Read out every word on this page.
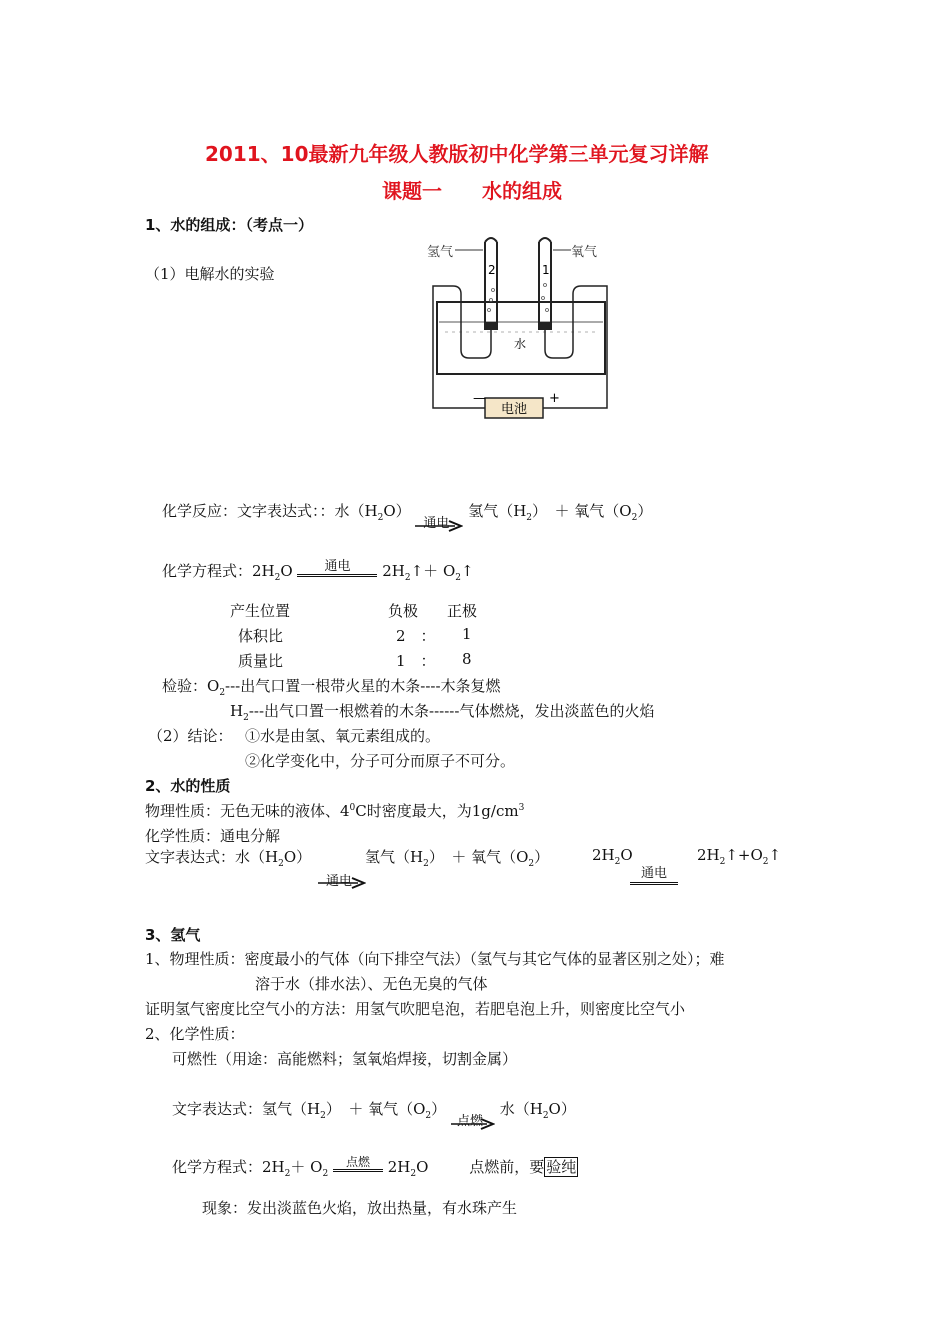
2011、10最新九年级人教版初中化学第三单元复习详解
课题一　　水的组成
1、水的组成：（考点一）
（1）电解水的实验
电池
—	+
水
2	1
氢气	氧气
化学反应：文字表达式：：水$(H_2O)$
通电
氢气$(H_2)$　＋ 氧气$(O_2)$
化学方程式：$2H_2O$ 通电 $2H_2↑+$ $O_2↑$
产生位置	负极 正极
体积比	2　： 1
质量比	1　： 8
检验：$O_2---$出气口置一根带火星的木条----木条复燃
$H_2---$出气口置一根燃着的木条------气体燃烧，发出淡蓝色的火焰
（2）结论： ①水是由氢、氧元素组成的。
②化学变化中，分子可分而原子不可分。
2、水的性质
物理性质：无色无味的液体、$4^0C$时密度最大，为$1g/cm^3$
化学性质：通电分解
文字表达式：水$(H_2O)$	氢气$(H_2)$　＋ 氧气$(O_2)$	$2H_2O$	$2H_2↑+O_2↑$
通电
通电
3、氢气
1、物理性质：密度最小的气体（向下排空气法）（氢气与其它气体的显著区别之处）；难
溶于水（排水法）、无色无臭的气体
证明氢气密度比空气小的方法：用氢气吹肥皂泡，若肥皂泡上升，则密度比空气小
2、化学性质：
可燃性（用途：高能燃料；氢氧焰焊接，切割金属）
文字表达式：氢气$(H_2)$　＋ 氧气$(O_2)$
点燃
水$(H_2O)$
化学方程式：$2H_2+ O_2$ 点燃 $2H_2O$	点燃前，要 验纯
现象：发出淡蓝色火焰，放出热量，有水珠产生
